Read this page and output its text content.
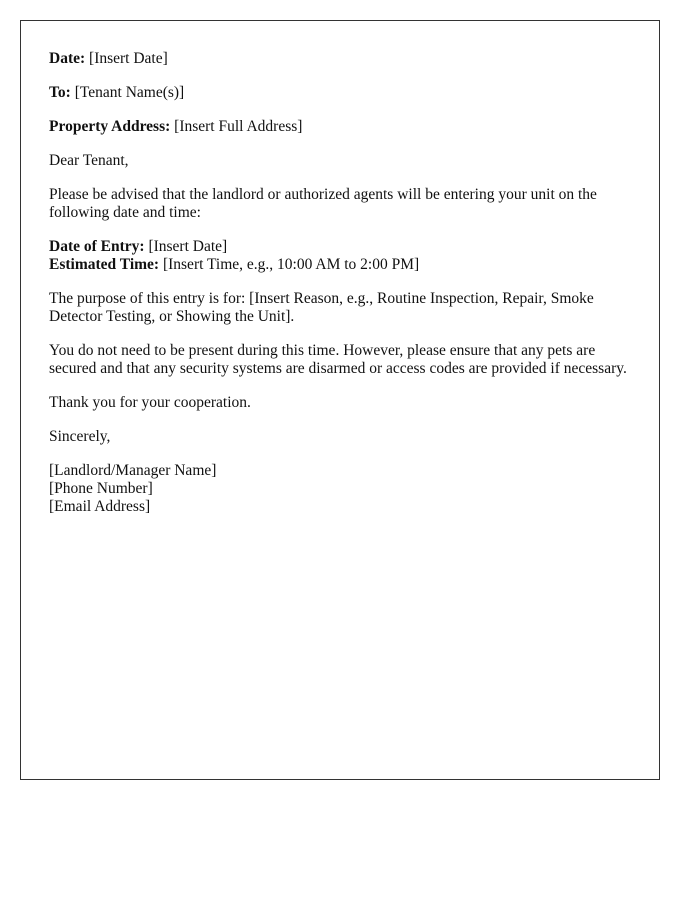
Date: [Insert Date]

To: [Tenant Name(s)]

Property Address: [Insert Full Address]

Dear Tenant,

Please be advised that the landlord or authorized agents will be entering your unit on the following date and time:

Date of Entry: [Insert Date]
Estimated Time: [Insert Time, e.g., 10:00 AM to 2:00 PM]

The purpose of this entry is for: [Insert Reason, e.g., Routine Inspection, Repair, Smoke Detector Testing, or Showing the Unit].

You do not need to be present during this time. However, please ensure that any pets are secured and that any security systems are disarmed or access codes are provided if necessary.

Thank you for your cooperation.

Sincerely,

[Landlord/Manager Name]
[Phone Number]
[Email Address]
